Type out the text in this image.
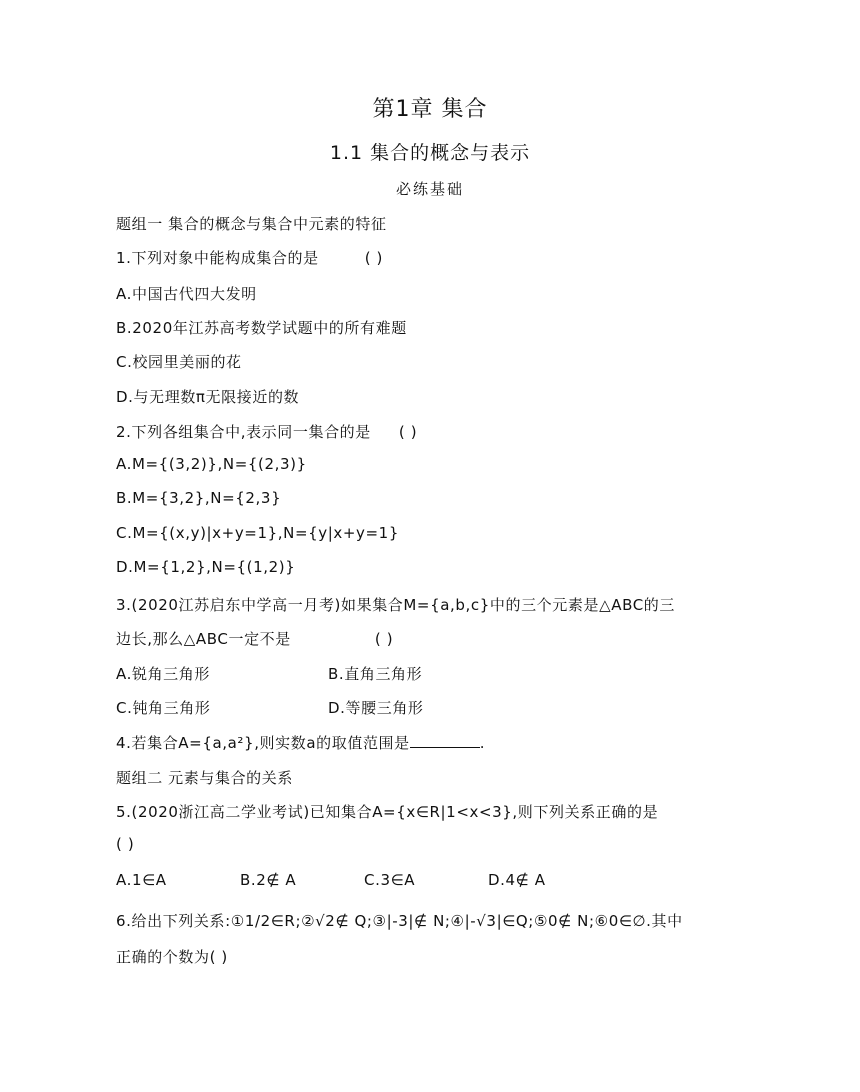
第1章 集合
1.1 集合的概念与表示
必练基础
题组一 集合的概念与集合中元素的特征
1.下列对象中能构成集合的是	( )
A.中国古代四大发明
B.2020年江苏高考数学试题中的所有难题
C.校园里美丽的花
D.与无理数π无限接近的数
2.下列各组集合中,表示同一集合的是 ( )
A.M={(3,2)},N={(2,3)}
B.M={3,2},N={2,3}
C.M={(x,y)|x+y=1},N={y|x+y=1}
D.M={1,2},N={(1,2)}
3.(2020江苏启东中学高一月考)如果集合M={a,b,c}中的三个元素是△ABC的三
边长,那么△ABC一定不是	( )
A.锐角三角形	B.直角三角形
C.钝角三角形	D.等腰三角形
4.若集合A={a,a²},则实数a的取值范围是	.
题组二 元素与集合的关系
5.(2020浙江高二学业考试)已知集合A={x∈R|1<x<3},则下列关系正确的是
( )
A.1∈A	B.2∉ A	C.3∈A	D.4∉ A
6.给出下列关系:①1/2∈R;②√2∉ Q;③|-3|∉ N;④|-√3|∈Q;⑤0∉ N;⑥0∈∅.其中
正确的个数为( )
